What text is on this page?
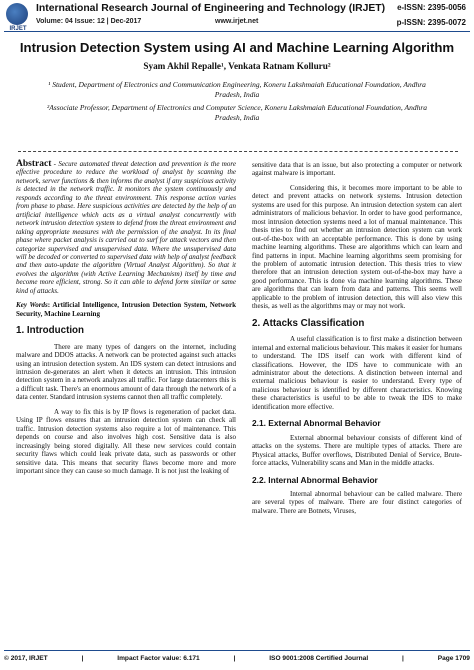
IRJET
International Research Journal of Engineering and Technology (IRJET)
Volume: 04 Issue: 12 | Dec-2017	www.irjet.net
e-ISSN: 2395-0056
p-ISSN: 2395-0072
Intrusion Detection System using AI and Machine Learning Algorithm
Syam Akhil Repalle¹, Venkata Ratnam Kolluru²
¹ Student, Department of Electronics and Communication Engineering, Koneru Lakshmaiah Educational Foundation, Andhra Pradesh, India
²Associate Professor, Department of Electronics and Computer Science, Koneru Lakshmaiah Educational Foundation, Andhra Pradesh, India

Abstract - Secure automated threat detection and prevention is the more effective procedure to reduce the workload of analyst by scanning the network, server functions & then informs the analyst if any suspicious activity is detected in the network traffic. It monitors the system continuously and responds according to the threat environment. This response action varies from phase to phase. Here suspicious activities are detected by the help of an artificial intelligence which acts as a virtual analyst concurrently with network intrusion detection system to defend from the threat environment and taking appropriate measures with the permission of the analyst. In its final phase where packet analysis is carried out to surf for attack vectors and then categorize supervised and unsupervised data. Where the unsupervised data will be decoded or converted to supervised data with help of analyst feedback and then auto-update the algorithm (Virtual Analyst Algorithm). So that it evolves the algorithm (with Active Learning Mechanism) itself by time and become more efficient, strong. So it can able to defend form similar or same kind of attacks.

Key Words: Artificial Intelligence, Intrusion Detection System, Network Security, Machine Learning

1. Introduction

There are many types of dangers on the internet, including malware and DDOS attacks. A network can be protected against such attacks using an intrusion detection system. An IDS system can detect intrusions and intrusion de-generates an alert when it detects an intrusion. This intrusion detection system in a network analyzes all traffic. For large datacenters this is a difficult task. There's an enormous amount of data through the network of a data center. Standard intrusion systems cannot then all traffic completely.

A way to fix this is by IP flows is regeneration of packet data. Using IP flows ensures that an intrusion detection system can check all traffic. Intrusion detection systems also require a lot of maintenance. This depends on course and also involves high cost. Sensitive data is also increasingly being stored digitally. All these new services could contain security flaws which could leak private data, such as passwords or other sensitive data. This means that security flaws become more and more important since they can cause so much damage. It is not just the leaking of

sensitive data that is an issue, but also protecting a computer or network against malware is important.

Considering this, it becomes more important to be able to detect and prevent attacks on network systems. Intrusion detection systems are used for this purpose. An intrusion detection system can alert administrators of malicious behavior. In order to have good performance, most intrusion detection systems need a lot of manual maintenance. This thesis tries to find out whether an intrusion detection system can work out-of-the-box with an acceptable performance. This is done by using machine learning algorithms. These are algorithms which can learn and find patterns in input. Machine learning algorithms seem promising for the problem of automatic intrusion detection. This thesis tries to view therefore that an intrusion detection system out-of-the-box may have a good performance. This is done via machine learning algorithms. These are algorithms that can learn from data and patterns. This seems well applicable to the problem of intrusion detection, this will also view this thesis, as well as the algorithms may or may not work.

2. Attacks Classification

A useful classification is to first make a distinction between internal and external malicious behaviour. This makes it easier for humans to understand. The IDS itself can work with different kind of classifications. However, the IDS have to communicate with an administrator about the detections. A distinction between internal and external malicious behaviour is easier to understand. Every type of malicious behaviour is identified by different characteristics. Knowing these characteristics is useful to be able to tweak the IDS to make identification more effective.

2.1. External Abnormal Behavior

External abnormal behaviour consists of different kind of attacks on the systems. There are multiple types of attacks. There are Physical attacks, Buffer overflows, Distributed Denial of Service, Brute- force attacks, Vulnerability scans and Man in the middle attacks.

2.2. Internal Abnormal Behavior

Internal abnormal behaviour can be called malware. There are several types of malware. There are four distinct categories of malware. There are Botnets, Viruses,

© 2017, IRJET	|	Impact Factor value: 6.171	|	ISO 9001:2008 Certified Journal	|	Page 1709
